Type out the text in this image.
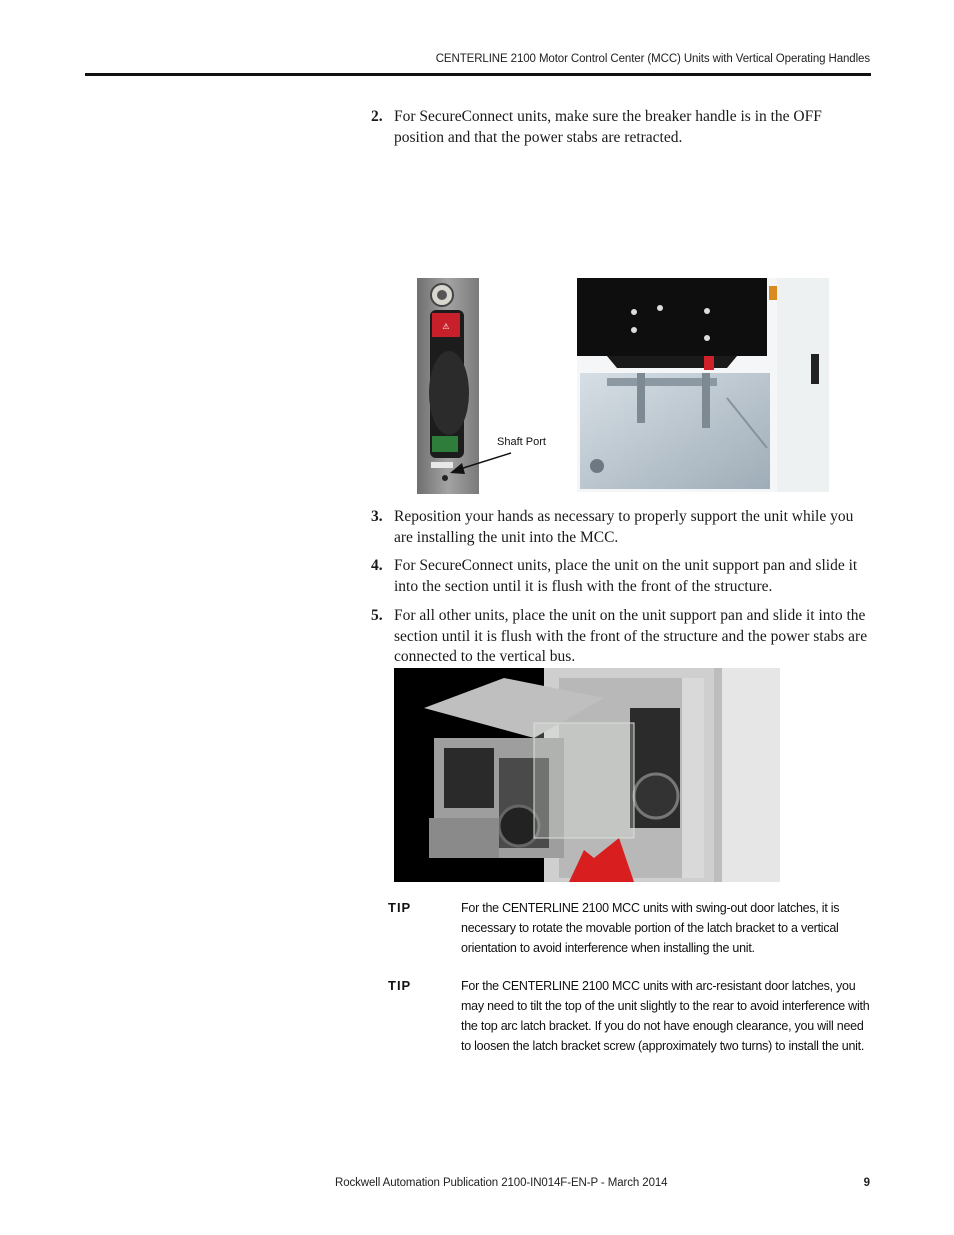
CENTERLINE 2100 Motor Control Center (MCC) Units with Vertical Operating Handles
2. For SecureConnect units, make sure the breaker handle is in the OFF position and that the power stabs are retracted.
⚠
Shaft Port
3. Reposition your hands as necessary to properly support the unit while you are installing the unit into the MCC.
4. For SecureConnect units, place the unit on the unit support pan and slide it into the section until it is flush with the front of the structure.
5. For all other units, place the unit on the unit support pan and slide it into the section until it is flush with the front of the structure and the power stabs are connected to the vertical bus.
TIP	For the CENTERLINE 2100 MCC units with swing-out door latches, it is necessary to rotate the movable portion of the latch bracket to a vertical orientation to avoid interference when installing the unit.
TIP	For the CENTERLINE 2100 MCC units with arc-resistant door latches, you may need to tilt the top of the unit slightly to the rear to avoid interference with the top arc latch bracket. If you do not have enough clearance, you will need to loosen the latch bracket screw (approximately two turns) to install the unit.
Rockwell Automation Publication 2100-IN014F-EN-P - March 2014	9
